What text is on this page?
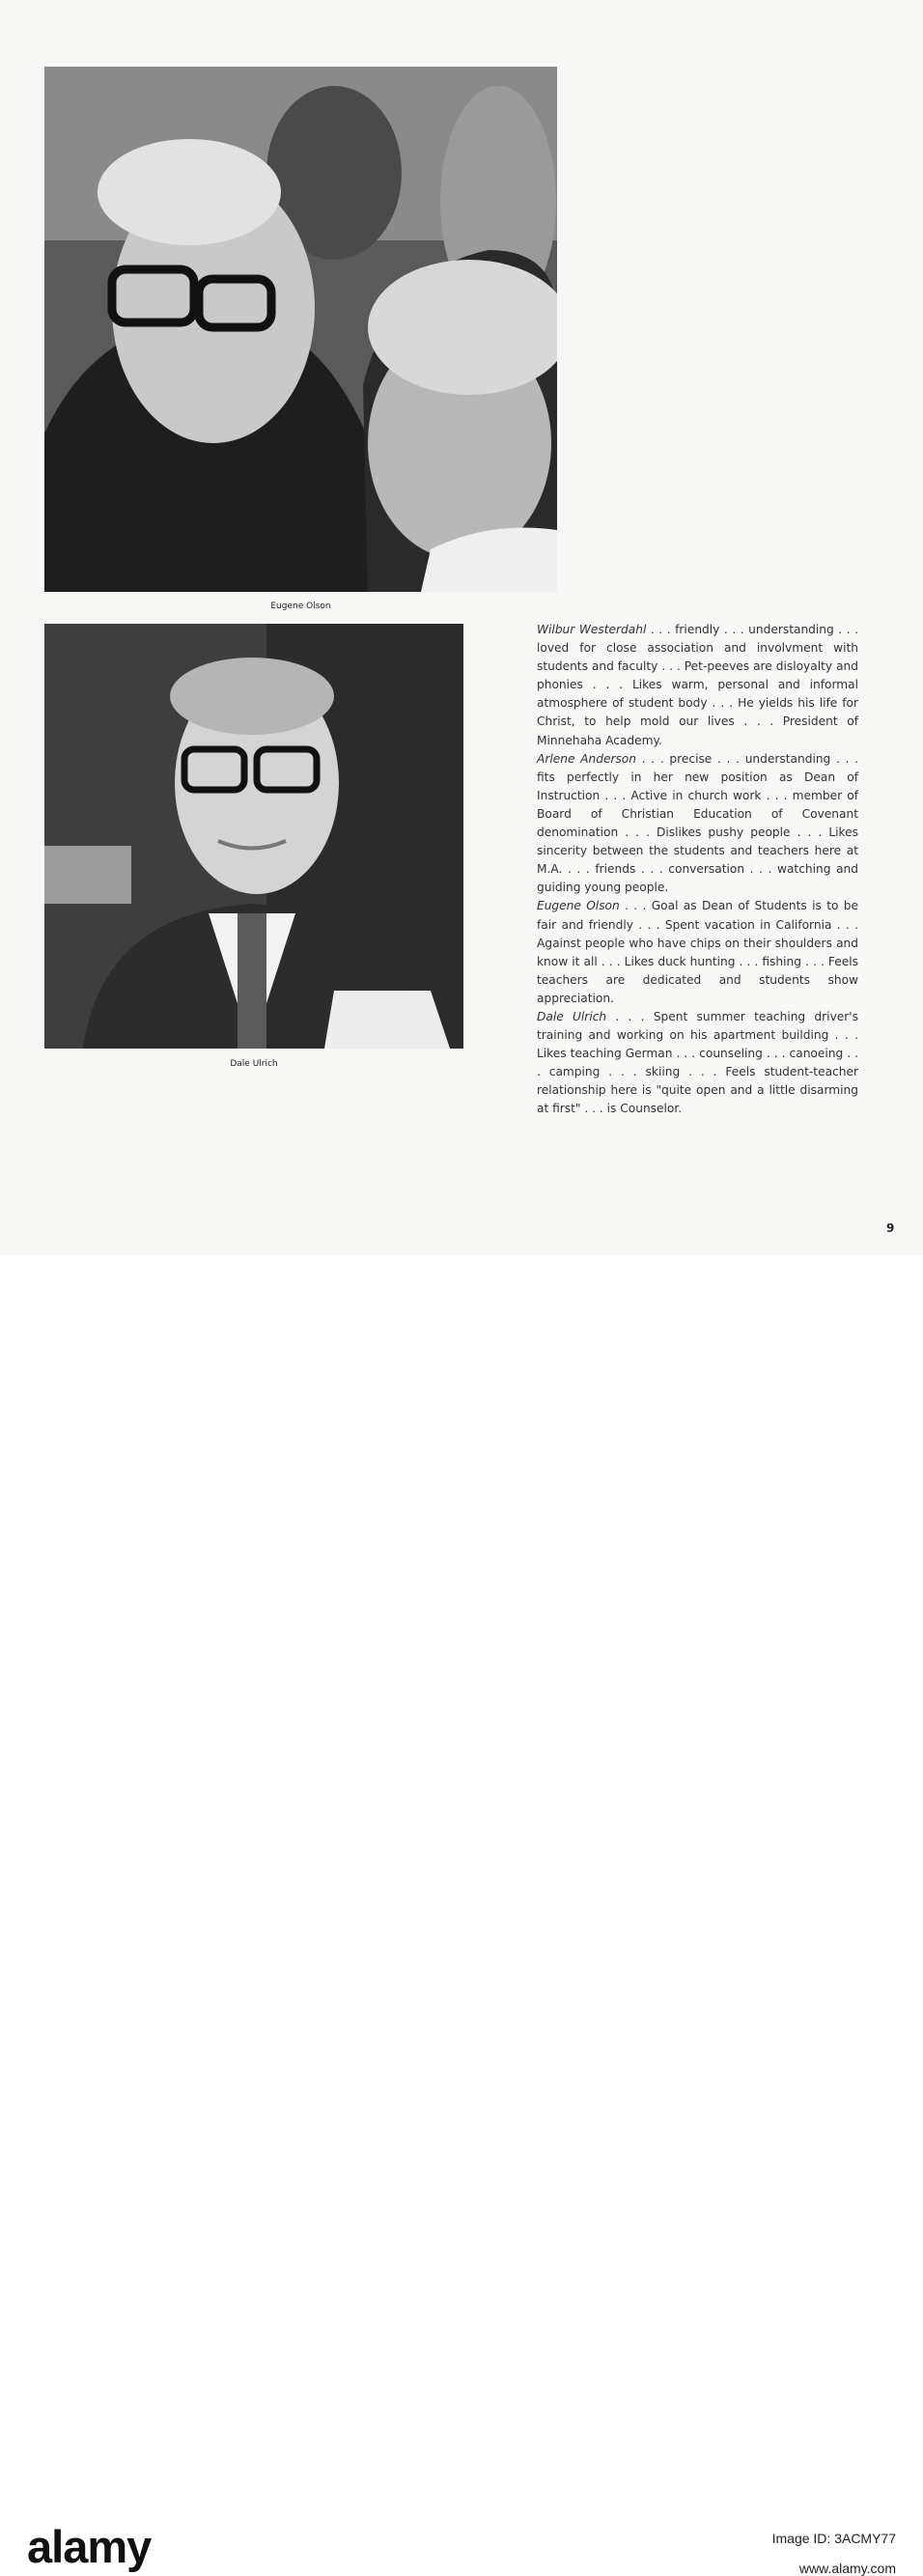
Eugene Olson
Dale Ulrich

Wilbur Westerdahl . . . friendly . . . understanding . . . loved for close association and involvment with students and faculty . . . Pet-peeves are disloyalty and phonies . . . Likes warm, personal and informal atmosphere of student body . . . He yields his life for Christ, to help mold our lives . . . President of Minnehaha Academy.

Arlene Anderson . . . precise . . . understanding . . . fits perfectly in her new position as Dean of Instruction . . . Active in church work . . . member of Board of Christian Education of Covenant denomination . . . Dislikes pushy people . . . Likes sincerity between the students and teachers here at M.A. . . . friends . . . conversation . . . watching and guiding young people.

Eugene Olson . . . Goal as Dean of Students is to be fair and friendly . . . Spent vacation in California . . . Against people who have chips on their shoulders and know it all . . . Likes duck hunting . . . fishing . . . Feels teachers are dedicated and students show appreciation.

Dale Ulrich . . . Spent summer teaching driver's training and working on his apartment building . . . Likes teaching German . . . counseling . . . canoeing . . . camping . . . skiing . . . Feels student-teacher relationship here is "quite open and a little disarming at first" . . . is Counselor.

9
alamy	Image ID: 3ACMY77
www.alamy.com
